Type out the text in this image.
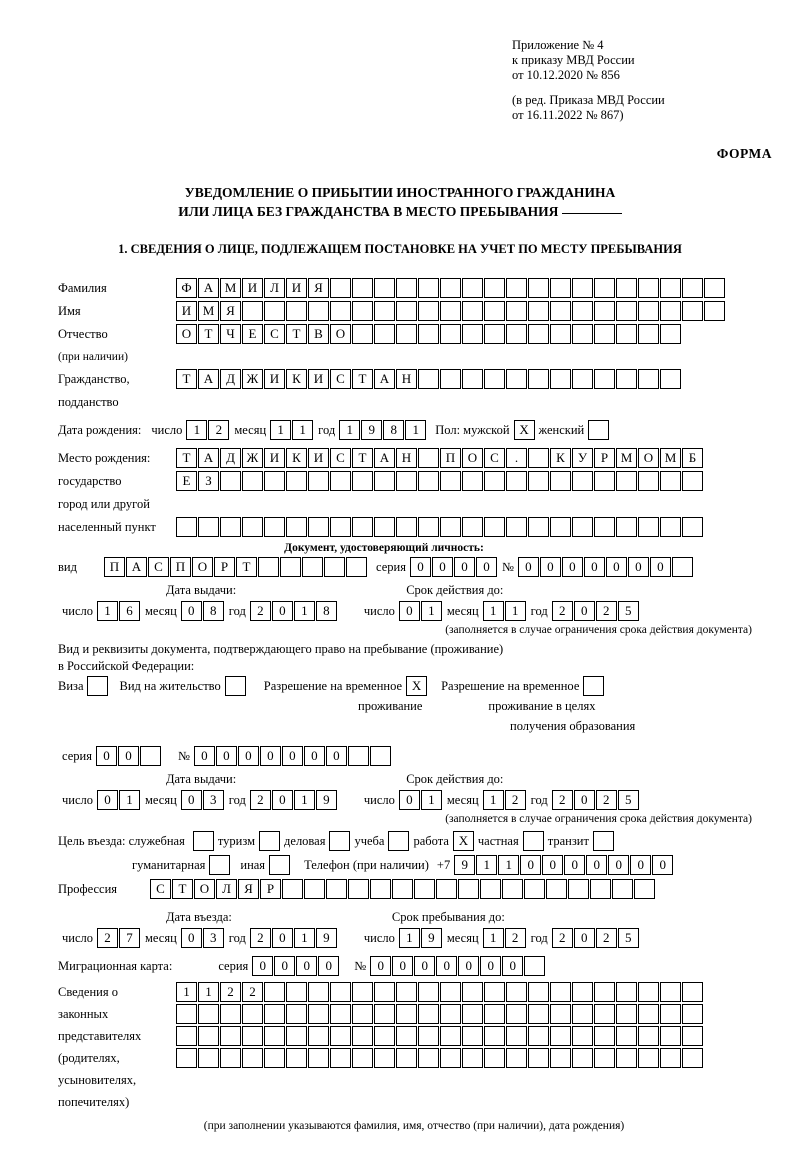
Приложение № 4
к приказу МВД России
от 10.12.2020 № 856
(в ред. Приказа МВД России
от 16.11.2022 № 867)
ФОРМА
УВЕДОМЛЕНИЕ О ПРИБЫТИИ ИНОСТРАННОГО ГРАЖДАНИНА
ИЛИ ЛИЦА БЕЗ ГРАЖДАНСТВА В МЕСТО ПРЕБЫВАНИЯ
1. СВЕДЕНИЯ О ЛИЦЕ, ПОДЛЕЖАЩЕМ ПОСТАНОВКЕ НА УЧЕТ ПО МЕСТУ ПРЕБЫВАНИЯ
Фамилия	Ф А М И Л И Я
Имя	И М Я
Отчество	О	Т	Ч	Е	С	Т	В О
(при наличии)
Гражданство,	Т	А Д Ж И К И С	Т	А Н
подданство
Дата рождения: число 1	2 месяц 1	1 год 1	9	8	1	Пол: мужской X женский
Место рождения:	Т	А Д Ж И К И С	Т	А Н	П О С	.	К	У	Р М О М Б
государство	Е	З
город или другой
населенный пункт
Документ, удостоверяющий личность:
вид	П А С П О	Р	Т	серия 0	0	0	0 № 0	0	0	0	0	0	0
Дата выдачи:	Срок действия до:
число 1	6 месяц 0	8 год 2	0	1	8	число 0	1 месяц 1	1 год 2	0	2	5
(заполняется в случае ограничения срока действия документа)
Вид и реквизиты документа, подтверждающего право на пребывание (проживание)
в Российской Федерации:
Виза	Вид на жительство	Разрешение на временное X	Разрешение на временное
проживание	проживание в целях
получения образования
серия 0	0	№ 0	0	0	0	0	0	0
Дата выдачи:	Срок действия до:
число 0	1 месяц 0	3 год 2	0	1	9	число 0	1 месяц 1	2 год 2	0	2	5
(заполняется в случае ограничения срока действия документа)
Цель въезда: служебная	туризм деловая учеба работа X частная транзит
гуманитарная	иная	Телефон (при наличии) +7 9	1	1	0	0	0	0	0	0	0
Профессия	С	Т	О Л	Я	Р
Дата въезда:	Срок пребывания до:
число 2	7 месяц 0	3 год 2	0	1	9	число 1	9 месяц 1	2 год 2	0	2	5
Миграционная карта:	серия 0	0	0	0	№ 0	0	0	0	0	0	0
Сведения о	1	1	2	2
законных
представителях
(родителях,
усыновителях,
попечителях)
(при заполнении указываются фамилия, имя, отчество (при наличии), дата рождения)
